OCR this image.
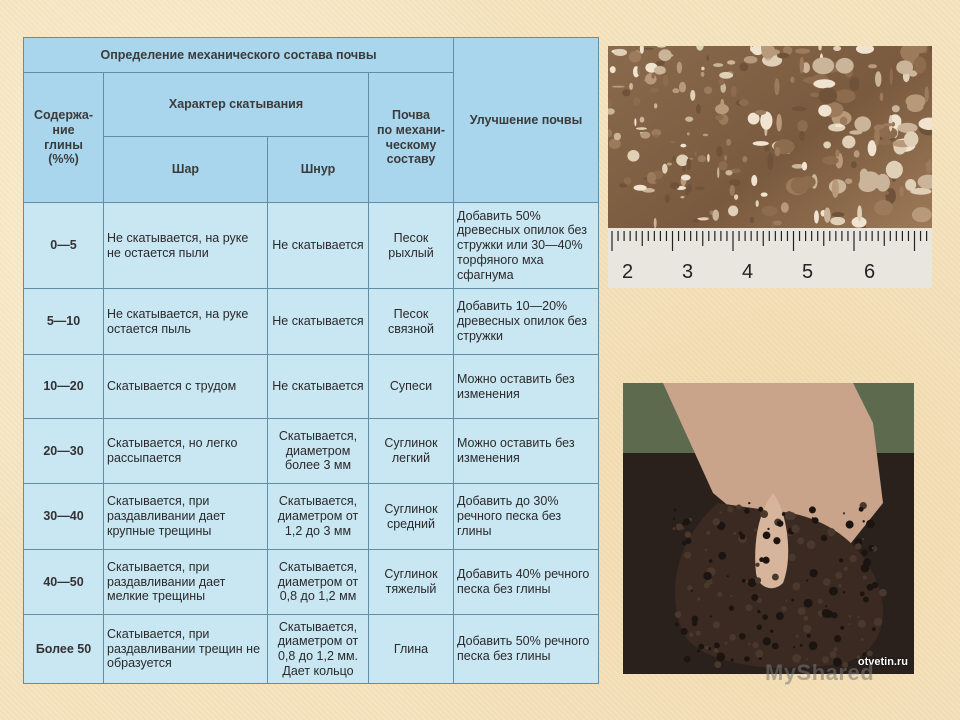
Определение механического состава почвы				Улучшение почвы
Содержа-
ние
глины
(%%)	Характер скатывания		Почва
по механи-
ческому
составу	
	Шар	Шнур		
0—5	Не скатывается, на руке не остается пыли	Не скатывается	Песок рыхлый	Добавить 50% древесных опилок без стружки или 30—40% торфяного мха сфагнума
5—10	Не скатывается, на руке остается пыль	Не скатывается	Песок связной	Добавить 10—20% древесных опилок без стружки
10—20	Скатывается с трудом	Не скатывается	Супеси	Можно оставить без изменения
20—30	Скатывается, но легко рассыпается	Скатывается, диаметром более 3 мм	Суглинок легкий	Можно оставить без изменения
30—40	Скатывается, при раздавливании дает крупные трещины	Скатывается, диаметром от 1,2 до 3 мм	Суглинок средний	Добавить до 30% речного песка без глины
40—50	Скатывается, при раздавливании дает мелкие трещины	Скатывается, диаметром от 0,8 до 1,2 мм	Суглинок тяжелый	Добавить 40% речного песка без глины
Более 50	Скатывается, при раздавливании трещин не образуется	Скатывается, диаметром от 0,8 до 1,2 мм. Дает кольцо	Глина	Добавить 50% речного песка без глины
2 3 4 5	6
otvetin.ru
MyShared
